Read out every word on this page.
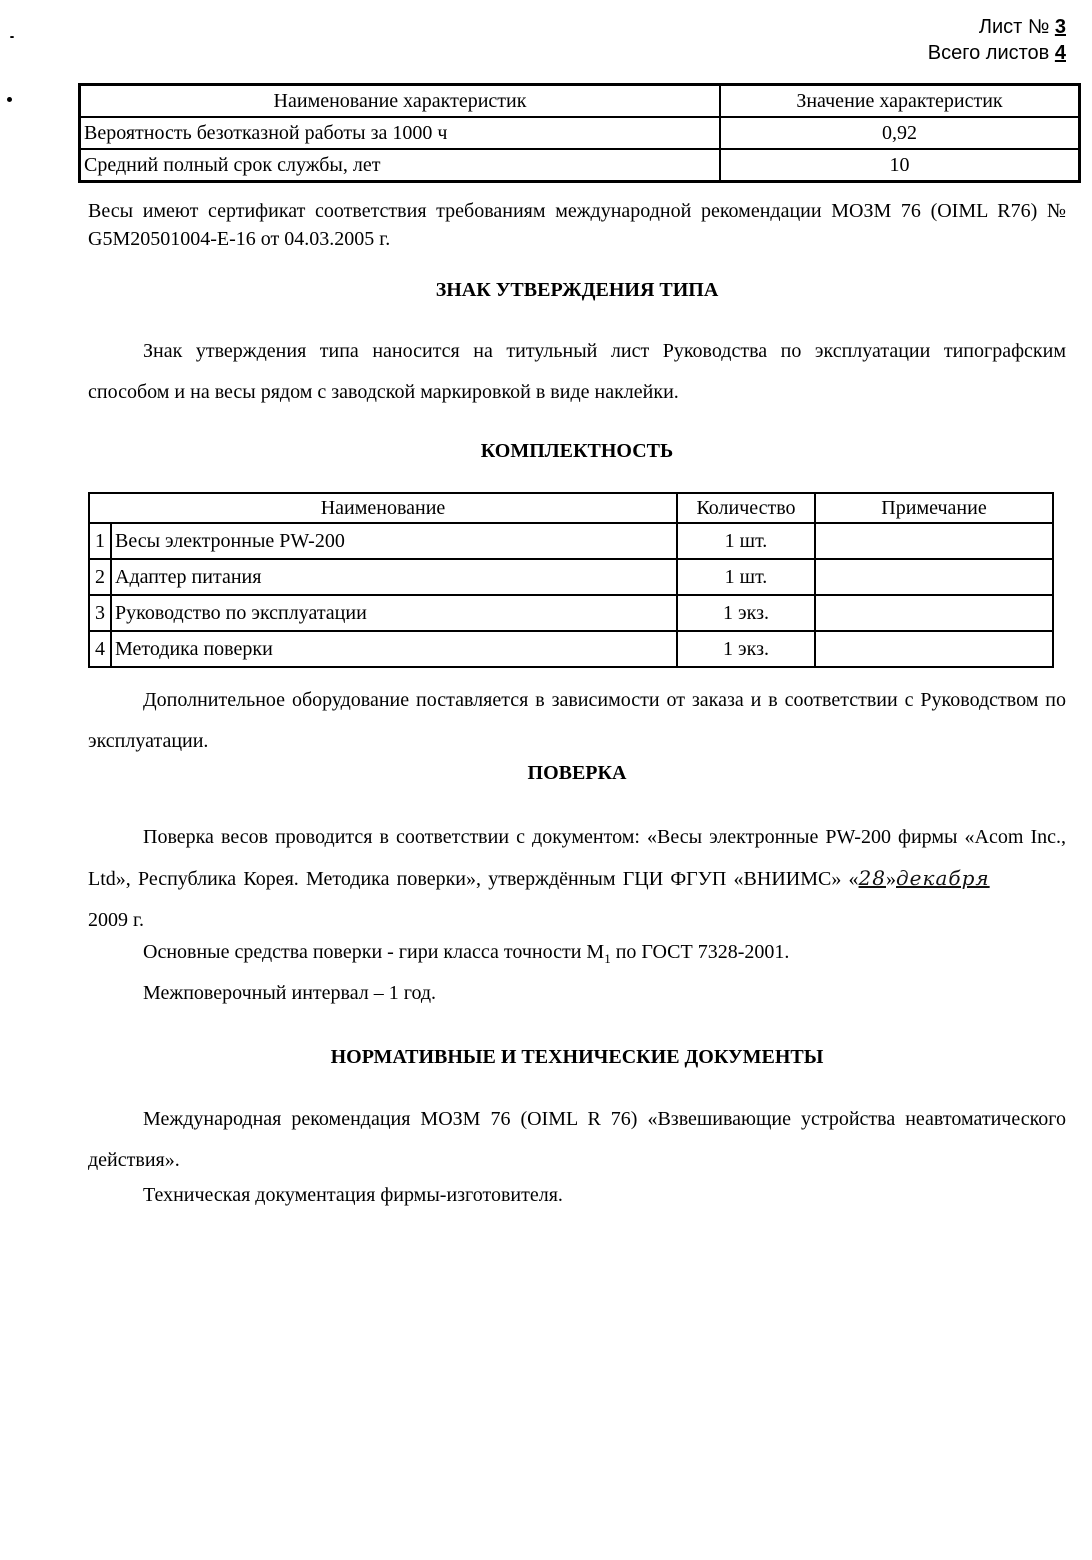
Лист № 3
Всего листов 4
Наименование характеристик	Значение характеристик
Вероятность безотказной работы за 1000 ч	0,92
Средний полный срок службы, лет	10
Весы имеют сертификат соответствия требованиям международной рекомендации МОЗМ 76 (OIML R76) № G5M20501004-E-16 от 04.03.2005 г.
ЗНАК УТВЕРЖДЕНИЯ ТИПА
Знак утверждения типа наносится на титульный лист Руководства по эксплуатации типографским способом и на весы рядом с заводской маркировкой в виде наклейки.
КОМПЛЕКТНОСТЬ
Наименование		Количество	Примечание
1	Весы электронные PW-200	1 шт.	
2	Адаптер питания	1 шт.	
3	Руководство по эксплуатации	1 экз.	
4	Методика поверки	1 экз.	
Дополнительное оборудование поставляется в зависимости от заказа и в соответствии с Руководством по эксплуатации.
ПОВЕРКА
Поверка весов проводится в соответствии с документом: «Весы электронные PW-200 фирмы «Acom Inc., Ltd», Республика Корея. Методика поверки», утверждённым ГЦИ ФГУП «ВНИИМС» «28»декабря2009 г.
Основные средства поверки - гири класса точности $M_1$ по ГОСТ 7328-2001.
Межповерочный интервал – 1 год.
НОРМАТИВНЫЕ И ТЕХНИЧЕСКИЕ ДОКУМЕНТЫ
Международная рекомендация МОЗМ 76 (OIML R 76) «Взвешивающие устройства неавтоматического действия».
Техническая документация фирмы-изготовителя.
